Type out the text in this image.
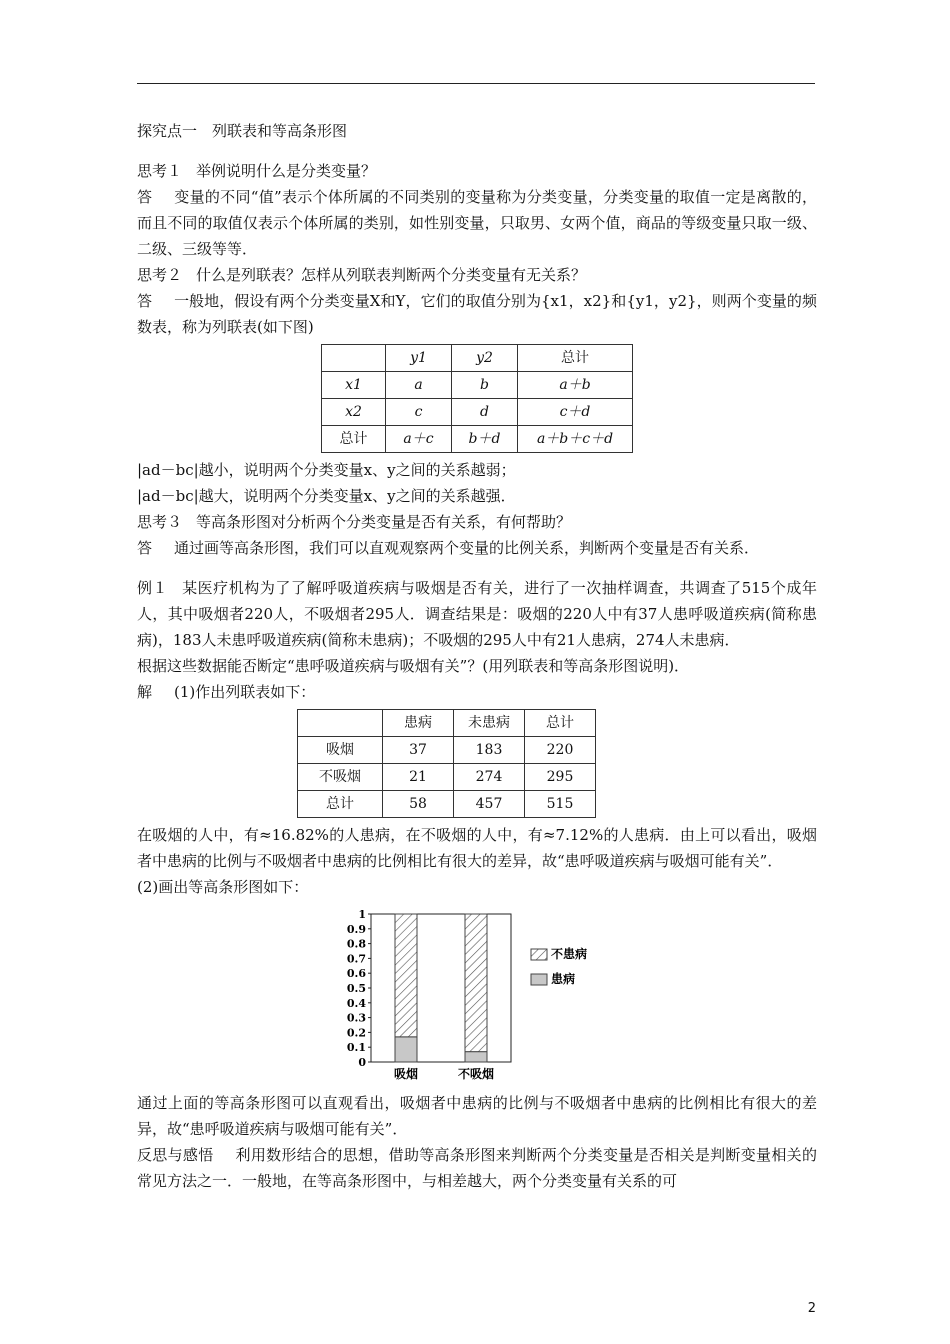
探究点一　列联表和等高条形图

思考１ 举例说明什么是分类变量？

答 变量的不同“值”表示个体所属的不同类别的变量称为分类变量，分类变量的取值一定是离散的，而且不同的取值仅表示个体所属的类别，如性别变量，只取男、女两个值，商品的等级变量只取一级、二级、三级等等．

思考２ 什么是列联表？怎样从列联表判断两个分类变量有无关系？

答 一般地，假设有两个分类变量X和Y，它们的取值分别为{x1，x2}和{y1，y2}，则两个变量的频数表，称为列联表(如下图)

	y1	y2	总计
x1	a	b	a＋b
x2	c	d	c＋d
总计	a＋c	b＋d	a＋b＋c＋d

|ad－bc|越小，说明两个分类变量x、y之间的关系越弱；

|ad－bc|越大，说明两个分类变量x、y之间的关系越强．

思考３ 等高条形图对分析两个分类变量是否有关系，有何帮助？

答 通过画等高条形图，我们可以直观观察两个变量的比例关系，判断两个变量是否有关系．

例１ 某医疗机构为了了解呼吸道疾病与吸烟是否有关，进行了一次抽样调查，共调查了515个成年人，其中吸烟者220人，不吸烟者295人．调查结果是：吸烟的220人中有37人患呼吸道疾病(简称患病)，183人未患呼吸道疾病(简称未患病)；不吸烟的295人中有21人患病，274人未患病．

根据这些数据能否断定“患呼吸道疾病与吸烟有关”？(用列联表和等高条形图说明)．

解 (1)作出列联表如下：

	患病	未患病	总计
吸烟	37	183	220
不吸烟	21	274	295
总计	58	457	515

在吸烟的人中，有≈16.82%的人患病，在不吸烟的人中，有≈7.12%的人患病．由上可以看出，吸烟者中患病的比例与不吸烟者中患病的比例相比有很大的差异，故“患呼吸道疾病与吸烟可能有关”．

(2)画出等高条形图如下：

0
0.1
0.2
0.3
0.4
0.5
0.6
0.7
0.8
0.9
1
吸烟	不吸烟
不患病
患病

通过上面的等高条形图可以直观看出，吸烟者中患病的比例与不吸烟者中患病的比例相比有很大的差异，故“患呼吸道疾病与吸烟可能有关”．

反思与感悟 利用数形结合的思想，借助等高条形图来判断两个分类变量是否相关是判断变量相关的常见方法之一．一般地，在等高条形图中，与相差越大，两个分类变量有关系的可

2
